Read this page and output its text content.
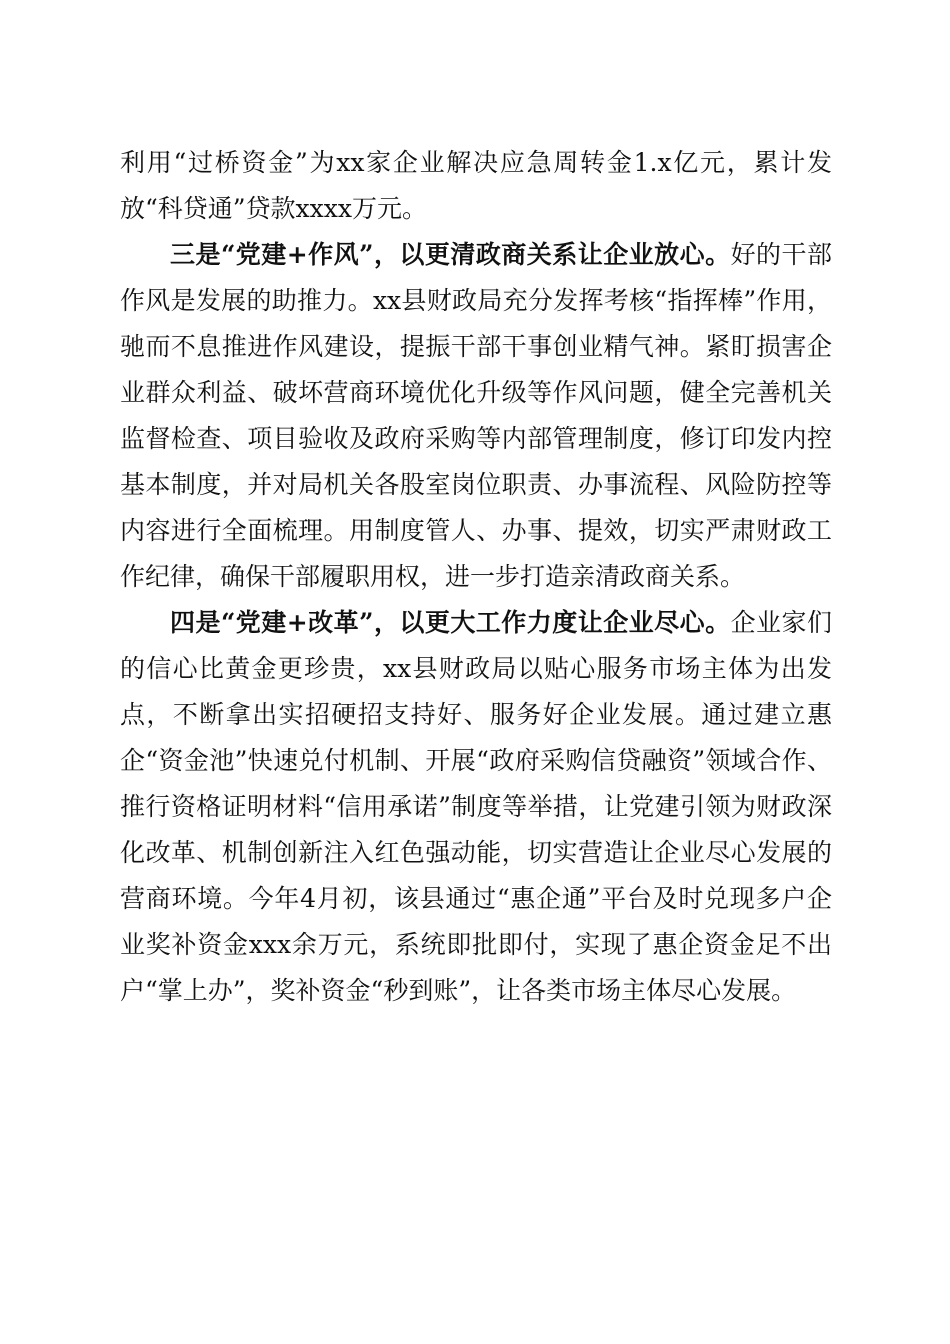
利用“过桥资金”为xx家企业解决应急周转金1.x亿元，累计发放“科贷通”贷款xxxx万元。

三是“党建+作风”，以更清政商关系让企业放心。好的干部作风是发展的助推力。xx县财政局充分发挥考核“指挥棒”作用，驰而不息推进作风建设，提振干部干事创业精气神。紧盯损害企业群众利益、破坏营商环境优化升级等作风问题，健全完善机关监督检查、项目验收及政府采购等内部管理制度，修订印发内控基本制度，并对局机关各股室岗位职责、办事流程、风险防控等内容进行全面梳理。用制度管人、办事、提效，切实严肃财政工作纪律，确保干部履职用权，进一步打造亲清政商关系。

四是“党建+改革”，以更大工作力度让企业尽心。企业家们的信心比黄金更珍贵，xx县财政局以贴心服务市场主体为出发点，不断拿出实招硬招支持好、服务好企业发展。通过建立惠企“资金池”快速兑付机制、开展“政府采购信贷融资”领域合作、推行资格证明材料“信用承诺”制度等举措，让党建引领为财政深化改革、机制创新注入红色强动能，切实营造让企业尽心发展的营商环境。今年4月初，该县通过“惠企通”平台及时兑现多户企业奖补资金xxx余万元，系统即批即付，实现了惠企资金足不出户“掌上办”，奖补资金“秒到账”，让各类市场主体尽心发展。
